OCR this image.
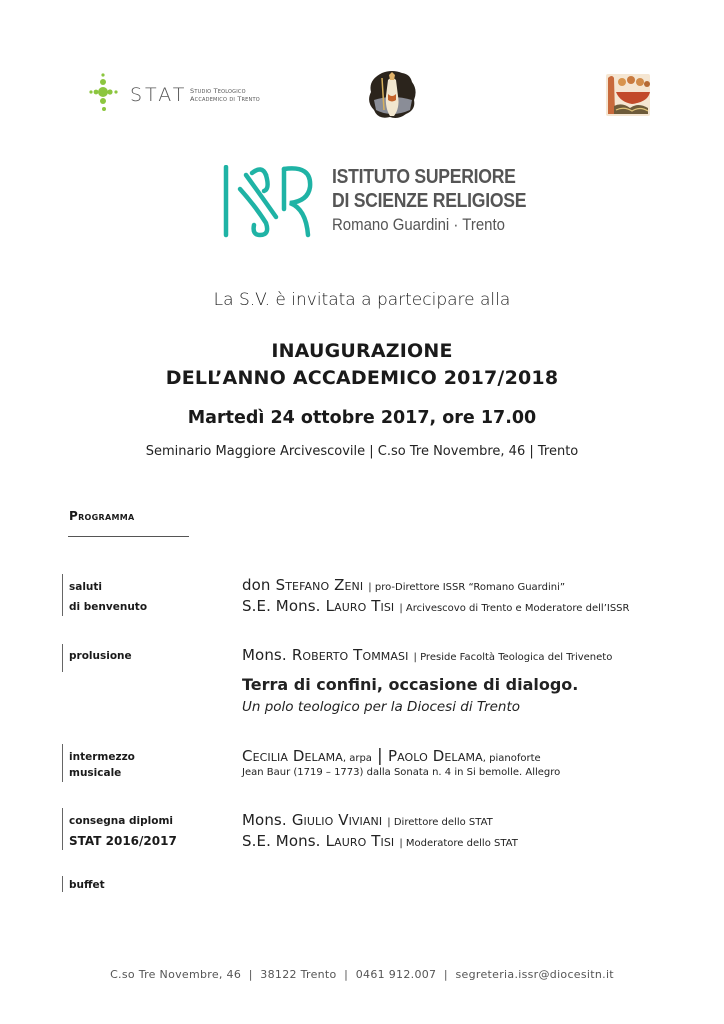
STAT Studio Teologico
Accademico di Trento
ISTITUTO SUPERIORE
DI SCIENZE RELIGIOSE
Romano Guardini · Trento
La S.V. è invitata a partecipare alla
INAUGURAZIONE
DELL’ANNO ACCADEMICO 2017/2018
Martedì 24 ottobre 2017, ore 17.00
Seminario Maggiore Arcivescovile | C.so Tre Novembre, 46 | Trento
Programma
saluti
di benvenuto
don Stefano Zeni | pro-Direttore ISSR “Romano Guardini”
S.E. Mons. Lauro Tisi | Arcivescovo di Trento e Moderatore dell’ISSR
prolusione	Mons. Roberto Tommasi | Preside Facoltà Teologica del Triveneto
Terra di confini, occasione di dialogo.
Un polo teologico per la Diocesi di Trento
intermezzo
musicale
Cecilia Delama, arpa | Paolo Delama, pianoforte
Jean Baur (1719 – 1773) dalla Sonata n. 4 in Si bemolle. Allegro
consegna diplomi
STAT 2016/2017
Mons. Giulio Viviani | Direttore dello STAT
S.E. Mons. Lauro Tisi | Moderatore dello STAT
buffet
C.so Tre Novembre, 46  |  38122 Trento  |  0461 912.007  |  segreteria.issr@diocesitn.it
